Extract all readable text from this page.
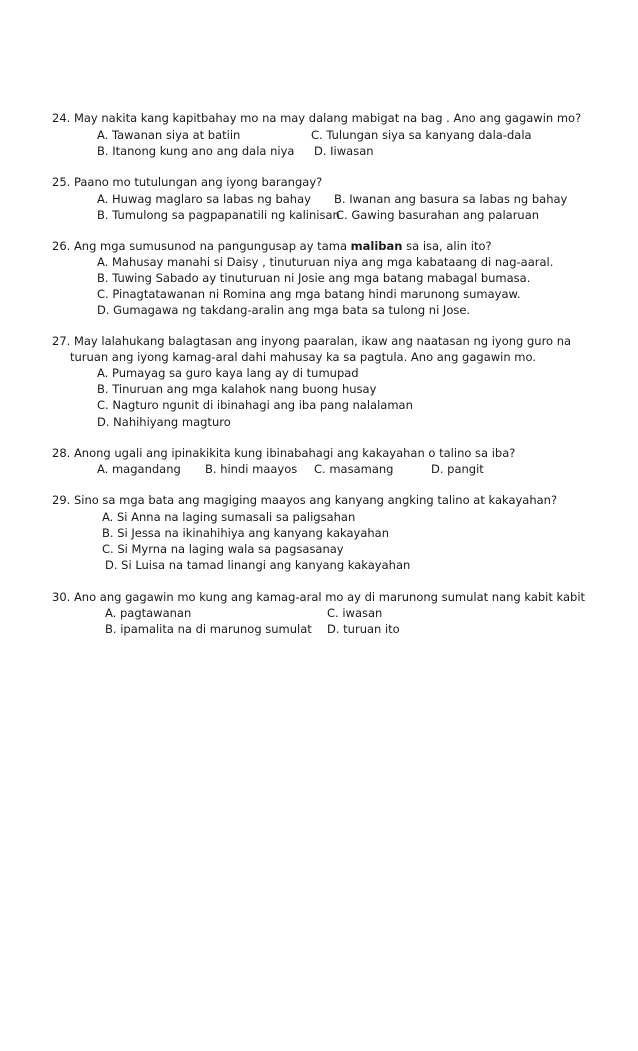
24. May nakita kang kapitbahay mo na may dalang mabigat na bag . Ano ang gagawin mo?
A. Tawanan siya at batiin	C. Tulungan siya sa kanyang dala-dala
B. Itanong kung ano ang dala niya D. Iiwasan
25. Paano mo tutulungan ang iyong barangay?
A. Huwag maglaro sa labas ng bahay B. Iwanan ang basura sa labas ng bahay
B. Tumulong sa pagpapanatili ng kalinisan
C. Gawing basurahan ang palaruan
26. Ang mga sumusunod na pangungusap ay tama maliban sa isa, alin ito?
A. Mahusay manahi si Daisy , tinuturuan niya ang mga kabataang di nag-aaral.
B. Tuwing Sabado ay tinuturuan ni Josie ang mga batang mabagal bumasa.
C. Pinagtatawanan ni Romina ang mga batang hindi marunong sumayaw.
D. Gumagawa ng takdang-aralin ang mga bata sa tulong ni Jose.
27. May lalahukang balagtasan ang inyong paaralan, ikaw ang naatasan ng iyong guro na
turuan ang iyong kamag-aral dahi mahusay ka sa pagtula. Ano ang gagawin mo.
A. Pumayag sa guro kaya lang ay di tumupad
B. Tinuruan ang mga kalahok nang buong husay
C. Nagturo ngunit di ibinahagi ang iba pang nalalaman
D. Nahihiyang magturo
28. Anong ugali ang ipinakikita kung ibinabahagi ang kakayahan o talino sa iba?
A. magandang B. hindi maayos C. masamang	D. pangit
29. Sino sa mga bata ang magiging maayos ang kanyang angking talino at kakayahan?
A. Si Anna na laging sumasali sa paligsahan
B. Si Jessa na ikinahihiya ang kanyang kakayahan
C. Si Myrna na laging wala sa pagsasanay
D. Si Luisa na tamad linangi ang kanyang kakayahan
30. Ano ang gagawin mo kung ang kamag-aral mo ay di marunong sumulat nang kabit kabit
A. pagtawanan	C. iwasan
B. ipamalita na di marunog sumulat D. turuan ito
